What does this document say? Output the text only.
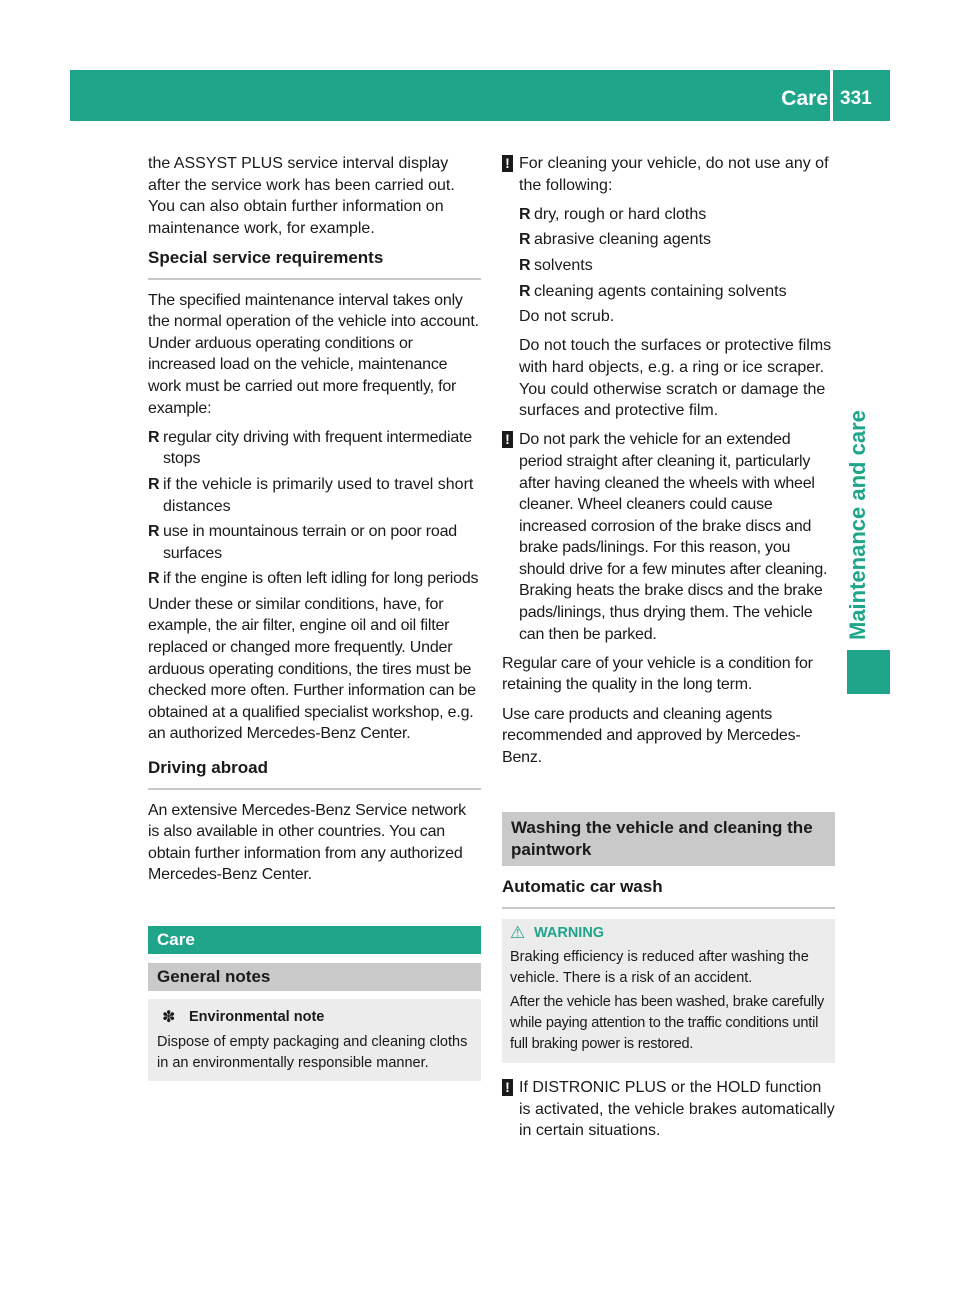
Care 331
Maintenance and care

the ASSYST PLUS service interval display after the service work has been carried out. You can also obtain further information on maintenance work, for example.

Special service requirements

The specified maintenance interval takes only the normal operation of the vehicle into account. Under arduous operating conditions or increased load on the vehicle, maintenance work must be carried out more frequently, for example:

▶ R regular city driving with frequent intermediate stops
▶ R if the vehicle is primarily used to travel short distances
▶ R use in mountainous terrain or on poor road surfaces
▶ R if the engine is often left idling for long periods

Under these or similar conditions, have, for example, the air filter, engine oil and oil filter replaced or changed more frequently. Under arduous operating conditions, the tires must be checked more often. Further information can be obtained at a qualified specialist workshop, e.g. an authorized Mercedes-Benz Center.

Driving abroad

An extensive Mercedes-Benz Service network is also available in other countries. You can obtain further information from any authorized Mercedes-Benz Center.

Care
General notes
✽ Environmental note
Dispose of empty packaging and cleaning cloths in an environmentally responsible manner.
! For cleaning your vehicle, do not use any of the following:

▶ R dry, rough or hard cloths
▶ R abrasive cleaning agents
▶ R solvents
▶ R cleaning agents containing solvents

Do not scrub.

Do not touch the surfaces or protective films with hard objects, e.g. a ring or ice scraper. You could otherwise scratch or damage the surfaces and protective film.

! Do not park the vehicle for an extended period straight after cleaning it, particularly after having cleaned the wheels with wheel cleaner. Wheel cleaners could cause increased corrosion of the brake discs and brake pads/linings. For this reason, you should drive for a few minutes after cleaning. Braking heats the brake discs and the brake pads/linings, thus drying them. The vehicle can then be parked.

Regular care of your vehicle is a condition for retaining the quality in the long term.

Use care products and cleaning agents recommended and approved by Mercedes-Benz.

Washing the vehicle and cleaning the paintwork
Automatic car wash
⚠ WARNING

Braking efficiency is reduced after washing the vehicle. There is a risk of an accident.

After the vehicle has been washed, brake carefully while paying attention to the traffic conditions until full braking power is restored.

! If DISTRONIC PLUS or the HOLD function is activated, the vehicle brakes automatically in certain situations.
